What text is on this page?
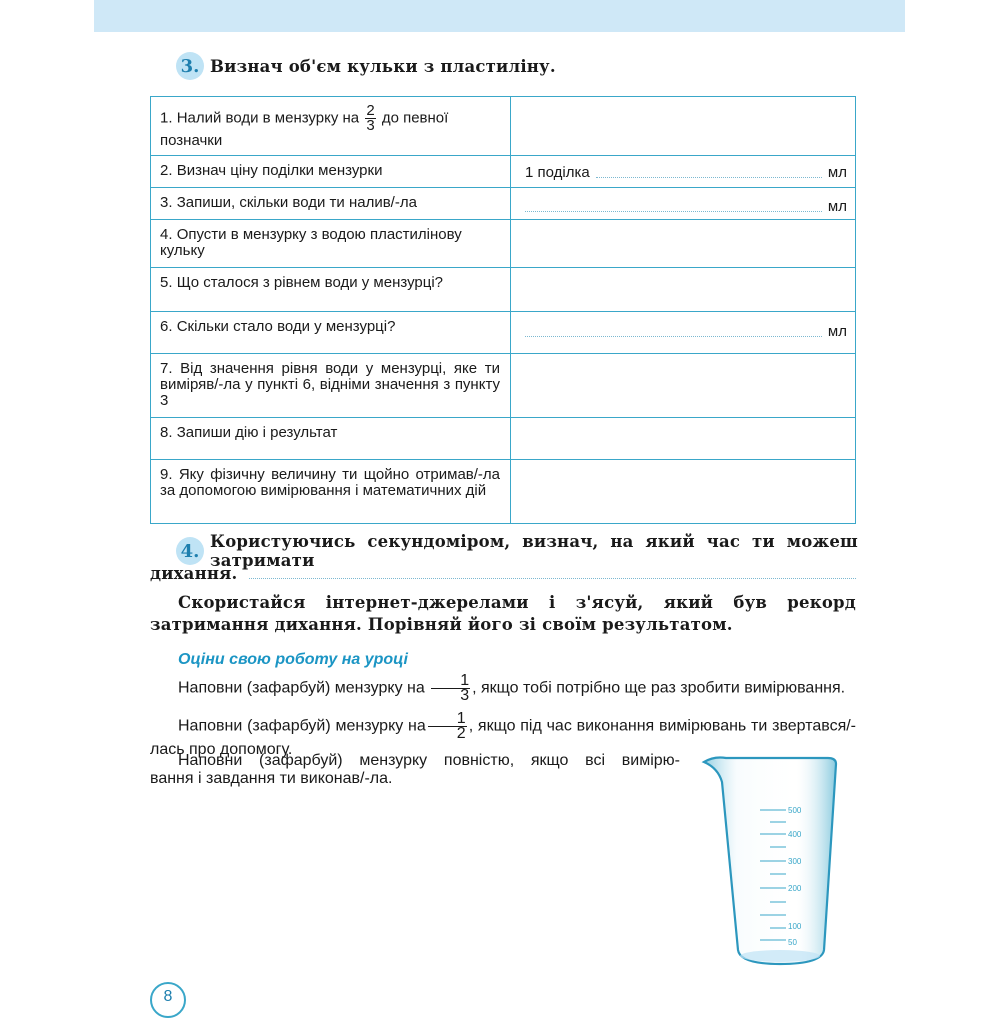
3. Визнач об'єм кульки з пластиліну.
1. Налий води в мензурку на $\frac{2}{3}$ до певної позначки	
2. Визнач ціну поділки мензурки	1 поділка мл

3. Запиши, скільки води ти налив/-ла	мл

4. Опусти в мензурку з водою пластилінову кульку	
5. Що сталося з рівнем води у мензурці?	
6. Скільки стало води у мензурці?	мл

7. Від значення рівня води у мензурці, яке ти виміряв/-ла у пункті 6, відніми значення з пункту 3	
8. Запиши дію і результат	
9. Яку фізичну величину ти щойно отримав/-ла за допомогою вимірювання і математичних дій	
4. Користуючись секундоміром, визнач, на який час ти можеш затримати
дихання.
Скористайся інтернет-джерелами і з'ясуй, який був рекорд затримання дихання. Порівняй його зі своїм результатом.
Оціни свою роботу на уроці
Наповни (зафарбуй) мензурку на $\frac{1}{3}$ , якщо тобі потрібно ще раз зробити вимірювання.
Наповни (зафарбуй) мензурку на $\frac{1}{2}$ , якщо під час виконання вимірювань ти звертався/-лась про допомогу.
Наповни (зафарбуй) мензурку повністю, якщо всі вимірю-
вання і завдання ти виконав/-ла.
500
400
300
200
100
50
8
